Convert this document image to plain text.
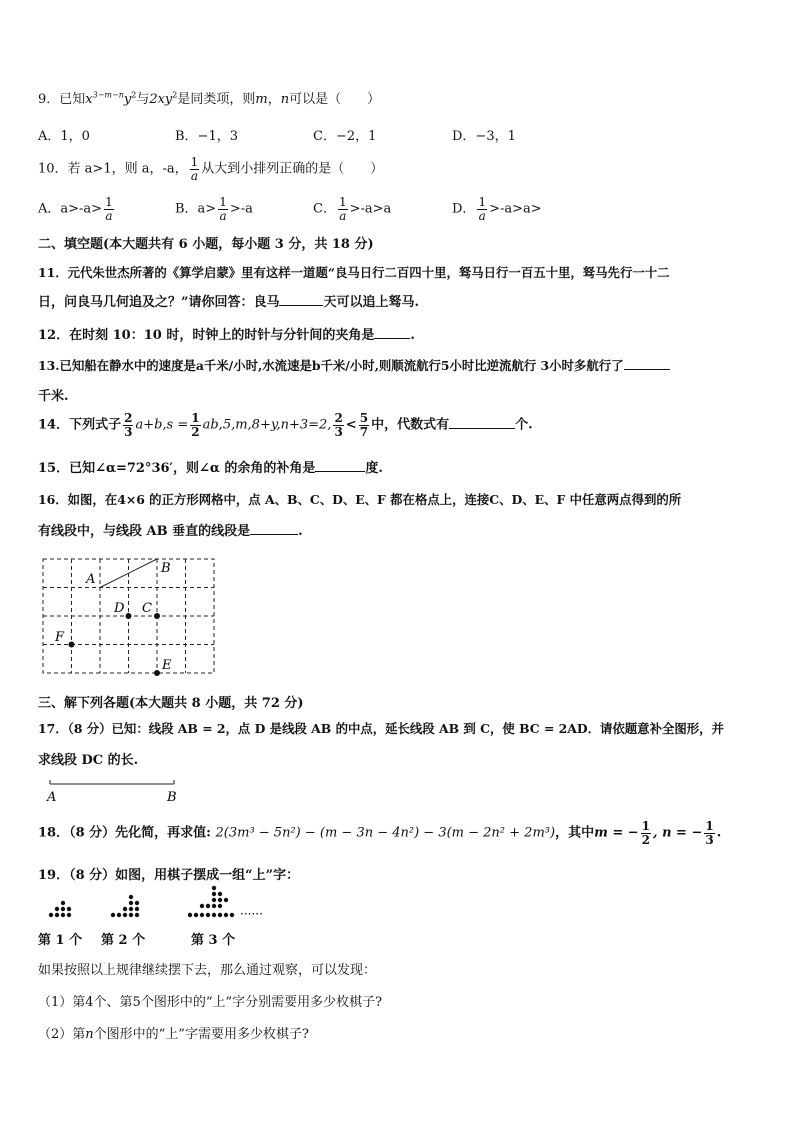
9．已知$x^{3-m-n}y^2$与$2xy^2$是同类项，则m，n可以是（　　）
A．1，0	B．−1，3	C．−2，1	D．−3，1
10．若 a>1，则 a，-a， $\frac{1}{a}$ 从大到小排列正确的是（　　）
A．$a>-a> \frac{1}{a}$	B．$a> \frac{1}{a} >-a$	C． $\frac{1}{a} >-a>a$	D． $\frac{1}{a} >-a>a>$
二、填空题(本大题共有 6 小题，每小题 3 分，共 18 分)
11．元代朱世杰所著的《算学启蒙》里有这样一道题“良马日行二百四十里，驽马日行一百五十里，驽马先行一十二
日，问良马几何追及之？”请你回答：良马	天可以追上驽马.
12．在时刻 10：10 时，时钟上的时针与分针间的夹角是	.
13.已知船在静水中的速度是a千米/小时,水流速是b千米/小时,则顺流航行5小时比逆流航行 3小时多航行了
千米.
14．下列式子 $\frac{2}{3} a+b,s = \frac{1}{2} ab,5,m,8+y,n+3=2$, $\frac{2}{3} < \frac{5}{7}$ 中，代数式有	个.
15．已知∠α=72°36′，则∠α 的余角的补角是	度.
16．如图，在4×6 的正方形网格中，点 A、B、C、D、E、F 都在格点上，连接C、D、E、F 中任意两点得到的所
有线段中，与线段 AB 垂直的线段是	.
A
B
D C
F
E
三、解下列各题(本大题共 8 小题，共 72 分)
17．（8 分）已知：线段 AB = 2，点 D 是线段 AB 的中点，延长线段 AB 到 C，使 BC = 2AD．请依题意补全图形，并
求线段 DC 的长.
A	B
18．（8 分）先化简，再求值: 2(3m³ − 5n²) − (m − 3n − 4n²) − 3(m − 2n² + 2m³)，其中m = − $\frac{1}{2}$ , n = − $\frac{1}{3}$ .
19．（8 分）如图，用棋子摆成一组“上”字：
······
第 1 个 第 2 个	第 3 个
如果按照以上规律继续摆下去，那么通过观察，可以发现：
（1）第4个、第5个图形中的“上”字分别需要用多少枚棋子?
（2）第n个图形中的“上”字需要用多少枚棋子?
